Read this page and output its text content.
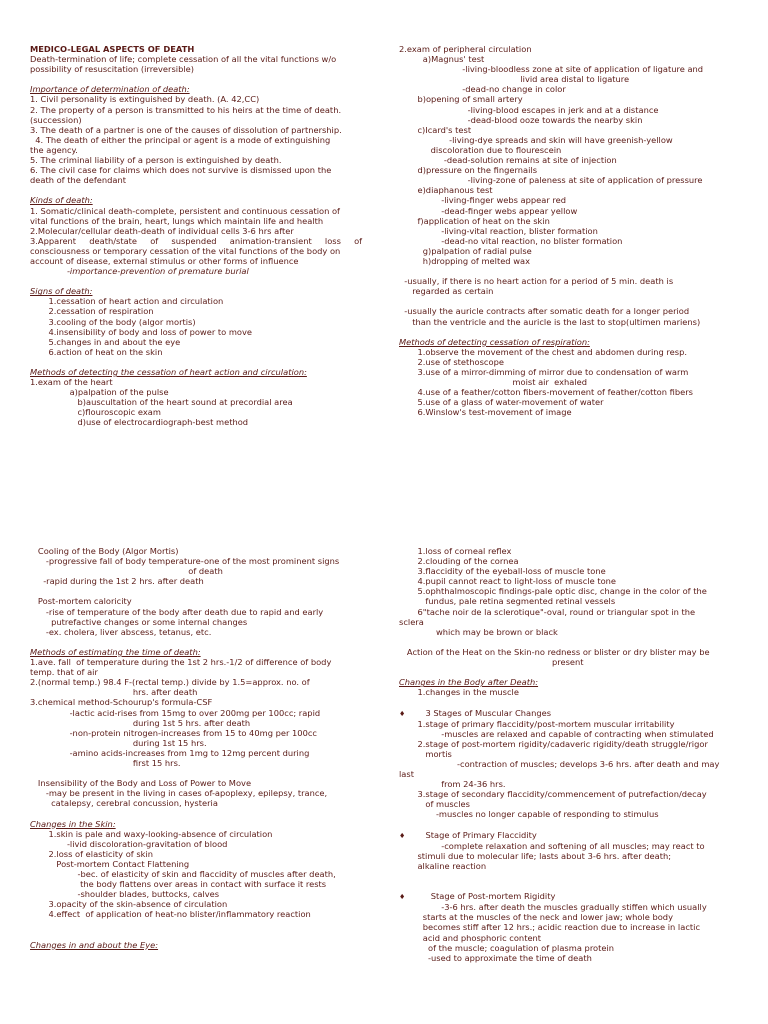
MEDICO-LEGAL ASPECTS OF DEATH
Death-termination of life; complete cessation of all the vital functions w/o
possibility of resuscitation (irreversible)
Importance of determination of death:
1. Civil personality is extinguished by death. (A. 42,CC)
2. The property of a person is transmitted to his heirs at the time of death.
(succession)
3. The death of a partner is one of the causes of dissolution of partnership.
4. The death of either the principal or agent is a mode of extinguishing
the agency.
5. The criminal liability of a person is extinguished by death.
6. The civil case for claims which does not survive is dismissed upon the
death of the defendant
Kinds of death:
1. Somatic/clinical death-complete, persistent and continuous cessation of
vital functions of the brain, heart, lungs which maintain life and health
2.Molecular/cellular death-death of individual cells 3-6 hrs after
3.Apparent     death/state     of     suspended     animation-transient     loss     of
consciousness or temporary cessation of the vital functions of the body on
account of disease, external stimulus or other forms of influence
-importance-prevention of premature burial
Signs of death:
1.cessation of heart action and circulation
2.cessation of respiration
3.cooling of the body (algor mortis)
4.insensibility of body and loss of power to move
5.changes in and about the eye
6.action of heat on the skin
Methods of detecting the cessation of heart action and circulation:
1.exam of the heart
a)palpation of the pulse
b)auscultation of the heart sound at precordial area
c)flouroscopic exam
d)use of electrocardiograph-best method
2.exam of peripheral circulation
a)Magnus' test
-living-bloodless zone at site of application of ligature and
livid area distal to ligature
-dead-no change in color
b)opening of small artery
-living-blood escapes in jerk and at a distance
-dead-blood ooze towards the nearby skin
c)Icard's test
-living-dye spreads and skin will have greenish-yellow
discoloration due to flourescein
-dead-solution remains at site of injection
d)pressure on the fingernails
-living-zone of paleness at site of application of pressure
e)diaphanous test
-living-finger webs appear red
-dead-finger webs appear yellow
f)application of heat on the skin
-living-vital reaction, blister formation
-dead-no vital reaction, no blister formation
g)palpation of radial pulse
h)dropping of melted wax
-usually, if there is no heart action for a period of 5 min. death is
regarded as certain
-usually the auricle contracts after somatic death for a longer period
than the ventricle and the auricle is the last to stop(ultimen mariens)
Methods of detecting cessation of respiration:
1.observe the movement of the chest and abdomen during resp.
2.use of stethoscope
3.use of a mirror-dimming of mirror due to condensation of warm
moist air  exhaled
4.use of a feather/cotton fibers-movement of feather/cotton fibers
5.use of a glass of water-movement of water
6.Winslow's test-movement of image
Cooling of the Body (Algor Mortis)
-progressive fall of body temperature-one of the most prominent signs
of death
-rapid during the 1st 2 hrs. after death
Post-mortem caloricity
-rise of temperature of the body after death due to rapid and early
putrefactive changes or some internal changes
-ex. cholera, liver abscess, tetanus, etc.
Methods of estimating the time of death:
1.ave. fall  of temperature during the 1st 2 hrs.-1/2 of difference of body
temp. that of air
2.(normal temp.) 98.4 F-(rectal temp.) divide by 1.5=approx. no. of
hrs. after death
3.chemical method-Schourup's formula-CSF
-lactic acid-rises from 15mg to over 200mg per 100cc; rapid
during 1st 5 hrs. after death
-non-protein nitrogen-increases from 15 to 40mg per 100cc
during 1st 15 hrs.
-amino acids-increases from 1mg to 12mg percent during
first 15 hrs.
Insensibility of the Body and Loss of Power to Move
-may be present in the living in cases of-apoplexy, epilepsy, trance,
catalepsy, cerebral concussion, hysteria
Changes in the Skin:
1.skin is pale and waxy-looking-absence of circulation
-livid discoloration-gravitation of blood
2.loss of elasticity of skin
Post-mortem Contact Flattening
-bec. of elasticity of skin and flaccidity of muscles after death,
the body flattens over areas in contact with surface it rests
-shoulder blades, buttocks, calves
3.opacity of the skin-absence of circulation
4.effect  of application of heat-no blister/inflammatory reaction
Changes in and about the Eye:
1.loss of corneal reflex
2.clouding of the cornea
3.flaccidity of the eyeball-loss of muscle tone
4.pupil cannot react to light-loss of muscle tone
5.ophthalmoscopic findings-pale optic disc, change in the color of the
fundus, pale retina segmented retinal vessels
6"tache noir de la sclerotique"-oval, round or triangular spot in the
sclera
which may be brown or black
Action of the Heat on the Skin-no redness or blister or dry blister may be
present
Changes in the Body after Death:
1.changes in the muscle
♦       3 Stages of Muscular Changes
1.stage of primary flaccidity/post-mortem muscular irritability
-muscles are relaxed and capable of contracting when stimulated
2.stage of post-mortem rigidity/cadaveric rigidity/death struggle/rigor
mortis
-contraction of muscles; develops 3-6 hrs. after death and may
last
from 24-36 hrs.
3.stage of secondary flaccidity/commencement of putrefaction/decay
of muscles
-muscles no longer capable of responding to stimulus
♦       Stage of Primary Flaccidity
-complete relaxation and softening of all muscles; may react to
stimuli due to molecular life; lasts about 3-6 hrs. after death;
alkaline reaction
♦         Stage of Post-mortem Rigidity
-3-6 hrs. after death the muscles gradually stiffen which usually
starts at the muscles of the neck and lower jaw; whole body
becomes stiff after 12 hrs.; acidic reaction due to increase in lactic
acid and phosphoric content
of the muscle; coagulation of plasma protein
-used to approximate the time of death
